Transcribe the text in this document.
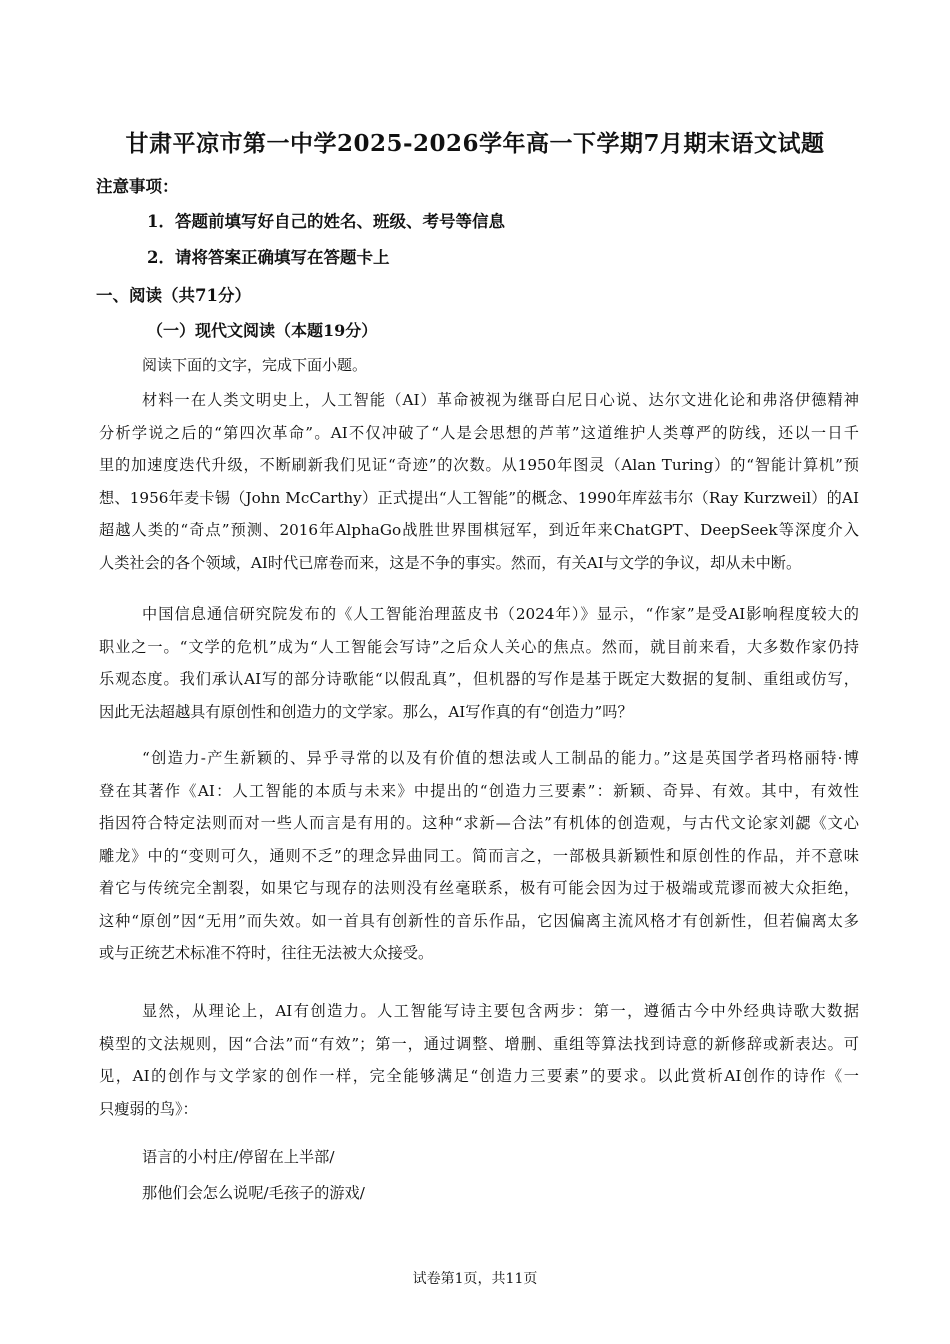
甘肃平凉市第一中学2025-2026学年高一下学期7月期末语文试题
注意事项：
1．答题前填写好自己的姓名、班级、考号等信息
2．请将答案正确填写在答题卡上
一、阅读（共71分）
（一）现代文阅读（本题19分）
阅读下面的文字，完成下面小题。
材料一在人类文明史上，人工智能（AI）革命被视为继哥白尼日心说、达尔文进化论和弗洛伊德精神
分析学说之后的“第四次革命”。AI不仅冲破了“人是会思想的芦苇”这道维护人类尊严的防线，还以一日千
里的加速度迭代升级，不断刷新我们见证“奇迹”的次数。从1950年图灵（Alan Turing）的“智能计算机”预
想、1956年麦卡锡（John McCarthy）正式提出“人工智能”的概念、1990年库兹韦尔（Ray Kurzweil）的AI
超越人类的“奇点”预测、2016年AlphaGo战胜世界围棋冠军，到近年来ChatGPT、DeepSeek等深度介入
人类社会的各个领域，AI时代已席卷而来，这是不争的事实。然而，有关AI与文学的争议，却从未中断。
中国信息通信研究院发布的《人工智能治理蓝皮书（2024年）》显示，“作家”是受AI影响程度较大的
职业之一。“文学的危机”成为“人工智能会写诗”之后众人关心的焦点。然而，就目前来看，大多数作家仍持
乐观态度。我们承认AI写的部分诗歌能“以假乱真”，但机器的写作是基于既定大数据的复制、重组或仿写，
因此无法超越具有原创性和创造力的文学家。那么，AI写作真的有“创造力”吗？
“创造力-产生新颖的、异乎寻常的以及有价值的想法或人工制品的能力。”这是英国学者玛格丽特·博
登在其著作《AI：人工智能的本质与未来》中提出的“创造力三要素”：新颖、奇异、有效。其中，有效性
指因符合特定法则而对一些人而言是有用的。这种“求新—合法”有机体的创造观，与古代文论家刘勰《文心
雕龙》中的“变则可久，通则不乏”的理念异曲同工。简而言之，一部极具新颖性和原创性的作品，并不意味
着它与传统完全割裂，如果它与现存的法则没有丝毫联系，极有可能会因为过于极端或荒谬而被大众拒绝，
这种“原创”因“无用”而失效。如一首具有创新性的音乐作品，它因偏离主流风格才有创新性，但若偏离太多
或与正统艺术标准不符时，往往无法被大众接受。
显然，从理论上，AI有创造力。人工智能写诗主要包含两步：第一，遵循古今中外经典诗歌大数据
模型的文法规则，因“合法”而“有效”；第一，通过调整、增删、重组等算法找到诗意的新修辞或新表达。可
见，AI的创作与文学家的创作一样，完全能够满足“创造力三要素”的要求。以此赏析AI创作的诗作《一
只瘦弱的鸟》：
语言的小村庄/停留在上半部/
那他们会怎么说呢/毛孩子的游戏/
试卷第1页，共11页
